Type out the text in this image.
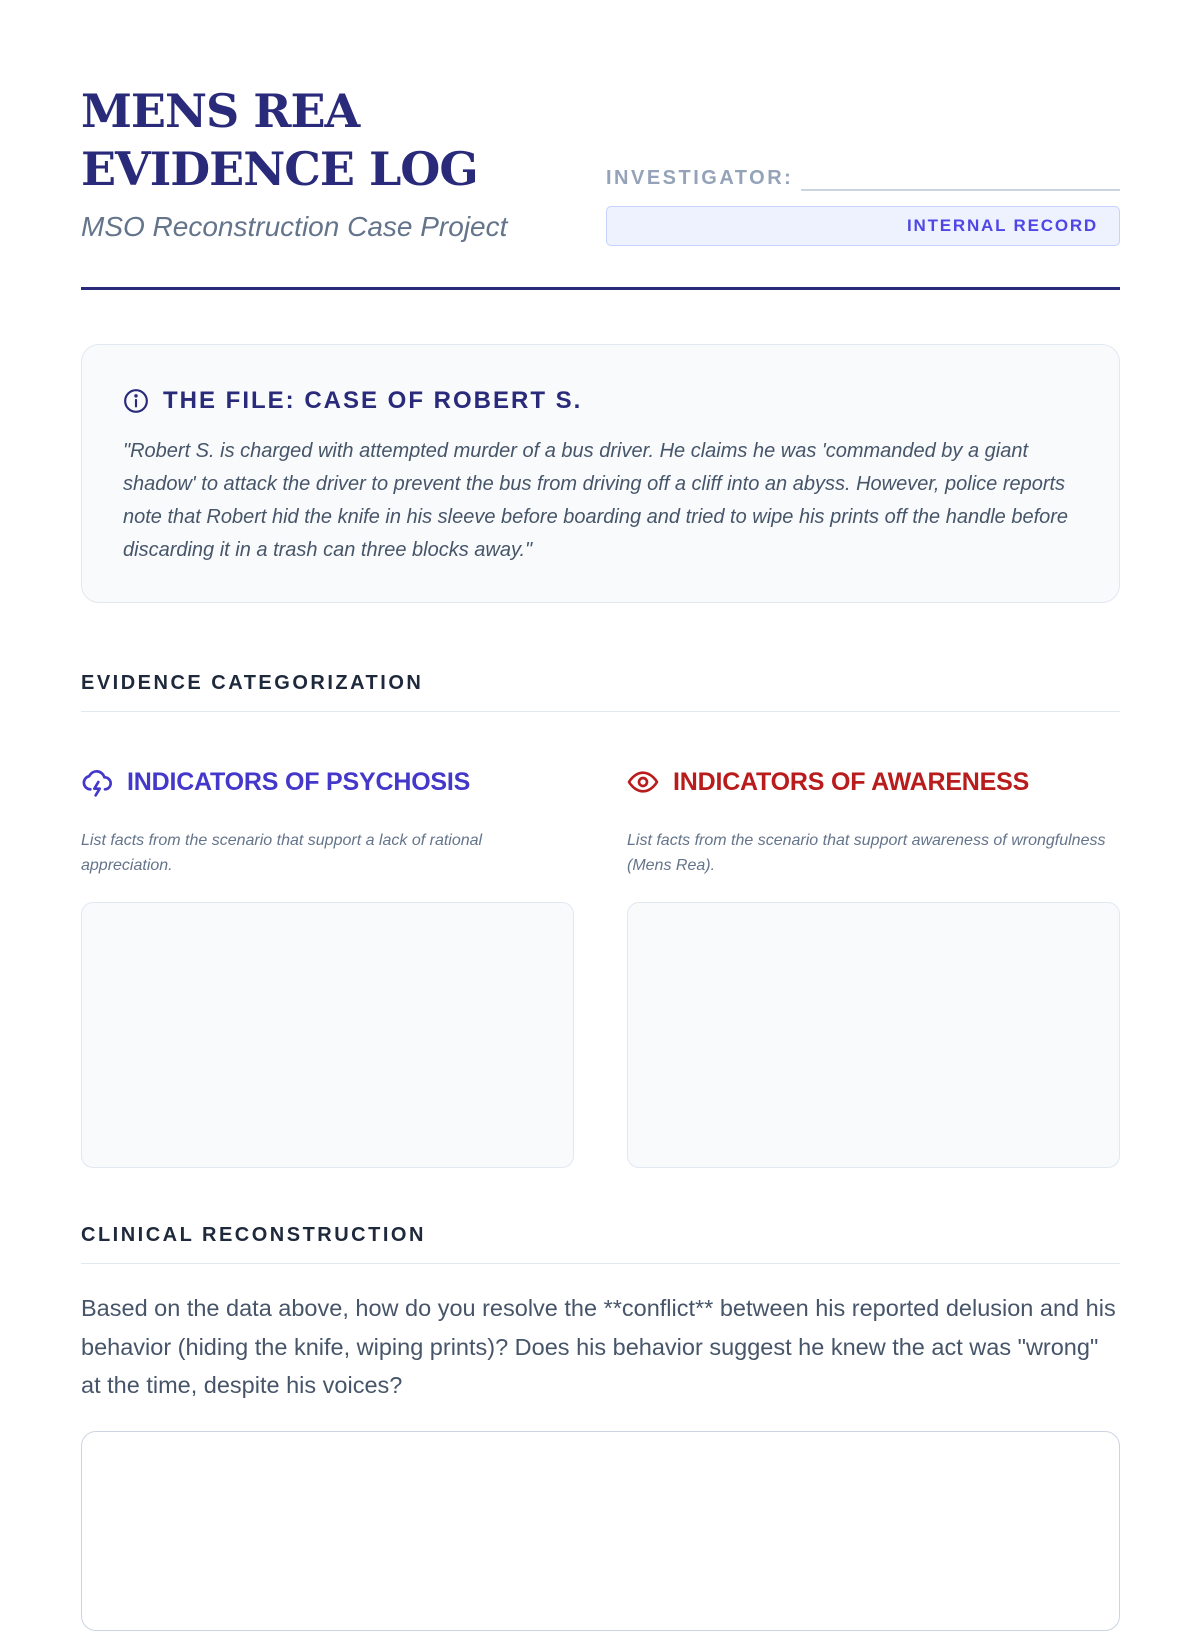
MENS REA EVIDENCE LOG

MSO Reconstruction Case Project

INVESTIGATOR:
INTERNAL RECORD
THE FILE: CASE OF ROBERT S.

"Robert S. is charged with attempted murder of a bus driver. He claims he was 'commanded by a giant shadow' to attack the driver to prevent the bus from driving off a cliff into an abyss. However, police reports note that Robert hid the knife in his sleeve before boarding and tried to wipe his prints off the handle before discarding it in a trash can three blocks away."

EVIDENCE CATEGORIZATION
INDICATORS OF PSYCHOSIS

List facts from the scenario that support a lack of rational appreciation.

INDICATORS OF AWARENESS

List facts from the scenario that support awareness of wrongfulness (Mens Rea).

CLINICAL RECONSTRUCTION

Based on the data above, how do you resolve the **conflict** between his reported delusion and his behavior (hiding the knife, wiping prints)? Does his behavior suggest he knew the act was "wrong" at the time, despite his voices?
